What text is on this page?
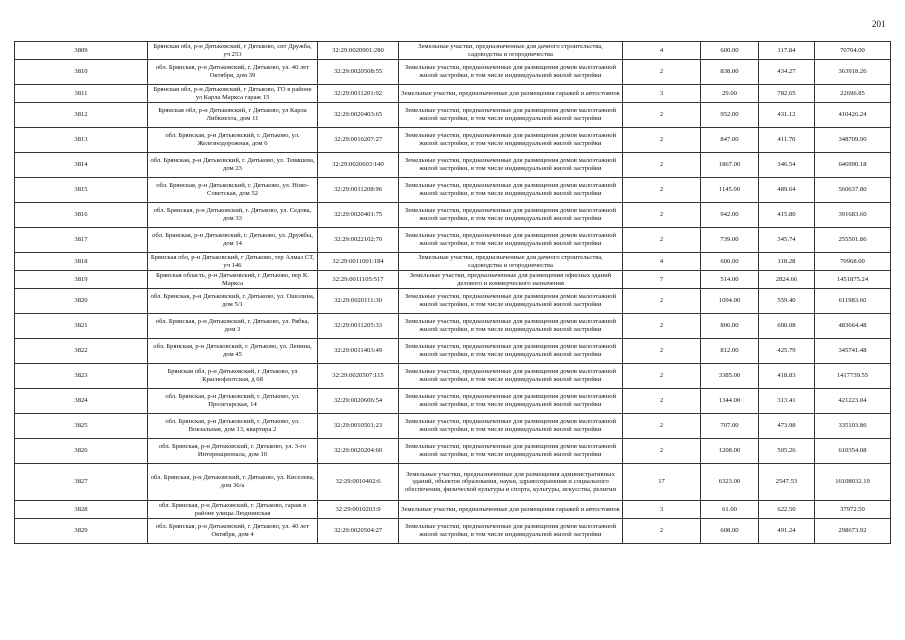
201
3809	Брянская обл, р-н Дятьковский, г Дятьково, снт Дружба, уч 253	32:29:0020901:280	Земельные участки, предназначенные для дачного строительства, садоводства и огородничества	4	600.00	117.84	70704.00
3810	обл. Брянская, р-н Дятьковский, г. Дятьково, ул. 40 лет Октября, дом 39	32:29:0020508:55	Земельные участки, предназначенные для размещения домов малоэтажной жилой застройки, в том числе индивидуальной жилой застройки	2	838.00	434.27	363918.26
3811	Брянская обл, р-н Дятьковский, г Дятьково, ГО в районе ул Карла Маркса гараж 15	32:29:0011201:92	Земельные участки, предназначенные для размещения гаражей и автостоянок	3	29.00	782.65	22696.85
3812	Брянская обл, р-н Дятьковский, г Дятьково, ул Карла Либкнехта, дом 11	32:29:0020403:65	Земельные участки, предназначенные для размещения домов малоэтажной жилой застройки, в том числе индивидуальной жилой застройки	2	952.00	431.12	410426.24
3813	обл. Брянская, р-н Дятьковский, г. Дятьково, ул. Железнодорожная, дом 6	32:29:0010207:27	Земельные участки, предназначенные для размещения домов малоэтажной жилой застройки, в том числе индивидуальной жилой застройки	2	847.00	411.70	348709.90
3814	обл. Брянская, р-н Дятьковский, г. Дятьково, ул. Тевяшева, дом 23	32:29:0020603:140	Земельные участки, предназначенные для размещения домов малоэтажной жилой застройки, в том числе индивидуальной жилой застройки	2	1867.00	346.54	646990.18
3815	обл. Брянская, р-н Дятьковский, г. Дятьково, ул. Ново-Советская, дом 52	32:29:0011208:96	Земельные участки, предназначенные для размещения домов малоэтажной жилой застройки, в том числе индивидуальной жилой застройки	2	1145.00	489.64	560637.80
3816	обл. Брянская, р-н Дятьковский, г. Дятьково, ул. Седова, дом 33	32:29:0020401:75	Земельные участки, предназначенные для размещения домов малоэтажной жилой застройки, в том числе индивидуальной жилой застройки	2	942.00	415.80	391683.60
3817	обл. Брянская, р-н Дятьковский, г. Дятьково, ул. Дружбы, дом 14	32:29:0022102:70	Земельные участки, предназначенные для размещения домов малоэтажной жилой застройки, в том числе индивидуальной жилой застройки	2	739.00	345.74	255501.86
3818	Брянская обл, р-н Дятьковский, г Дятьково, тер Алмаз СТ, уч 146	32:29:0011001:184	Земельные участки, предназначенные для дачного строительства, садоводства и огородничества	4	600.00	118.28	70968.00
3819	Брянская область, р-н Дятьковский, г Дятьково, пер К. Маркса	32:29:0011105:517	Земельные участки, предназначенные для размещения офисных зданий делового и коммерческого назначения	7	514.00	2824.66	1451875.24
3820	обл. Брянская, р-н Дятьковский, г. Дятьково, ул. Ошолина, дом 5/1	32:29:0020111:30	Земельные участки, предназначенные для размещения домов малоэтажной жилой застройки, в том числе индивидуальной жилой застройки	2	1094.00	559.40	611983.60
3821	обл. Брянская, р-н Дятьковский, г. Дятьково, ул. Рябка, дом 3	32:29:0011205:33	Земельные участки, предназначенные для размещения домов малоэтажной жилой застройки, в том числе индивидуальной жилой застройки	2	806.00	600.08	483664.48
3822	обл. Брянская, р-н Дятьковский, г. Дятьково, ул. Ленина, дом 45	32:29:0011403:49	Земельные участки, предназначенные для размещения домов малоэтажной жилой застройки, в том числе индивидуальной жилой застройки	2	812.00	425.79	345741.48
3823	Брянская обл, р-н Дятьковский, г Дятьково, ул Краснофлотская, д 68	32:29:0020507:115	Земельные участки, предназначенные для размещения домов малоэтажной жилой застройки, в том числе индивидуальной жилой застройки	2	3385.00	418.83	1417739.55
3824	обл. Брянская, р-н Дятьковский, г. Дятьково, ул. Пролетарская, 14	32:29:0020606:54	Земельные участки, предназначенные для размещения домов малоэтажной жилой застройки, в том числе индивидуальной жилой застройки	2	1344.00	313.41	421223.04
3825	обл. Брянская, р-н Дятьковский, г. Дятьково, ул. Вокзальная, дом 13, квартира 2	32:29:0010501:23	Земельные участки, предназначенные для размещения домов малоэтажной жилой застройки, в том числе индивидуальной жилой застройки	2	707.00	473.98	335103.86
3826	обл. Брянская, р-н Дятьковский, г. Дятьково, ул. 3-го Интернационала, дом 10	32:29:0020204:60	Земельные участки, предназначенные для размещения домов малоэтажной жилой застройки, в том числе индивидуальной жилой застройки	2	1208.00	505.26	610354.08
3827	обл. Брянская, р-н Дятьковский, г. Дятьково, ул. Киселева, дом 36/а	32:29:0010402:6	Земельные участки, предназначенные для размещения административных зданий, объектов образования, науки, здравоохранения и социального обеспечения, физической культуры и спорта, культуры, искусства, религии	17	6323.00	2547.53	16108032.19
3828	обл. Брянская, р-н Дятьковский, г. Дятьково, гараж в районе улицы Люднинская	32:29:0010203:9	Земельные участки, предназначенные для размещения гаражей и автостоянок	3	61.00	622.50	37972.50
3829	обл. Брянская, р-н Дятьковский, г. Дятьково, ул. 40 лет Октября, дом 4	32:29:0020504:27	Земельные участки, предназначенные для размещения домов малоэтажной жилой застройки, в том числе индивидуальной жилой застройки	2	608.00	491.24	298673.92
